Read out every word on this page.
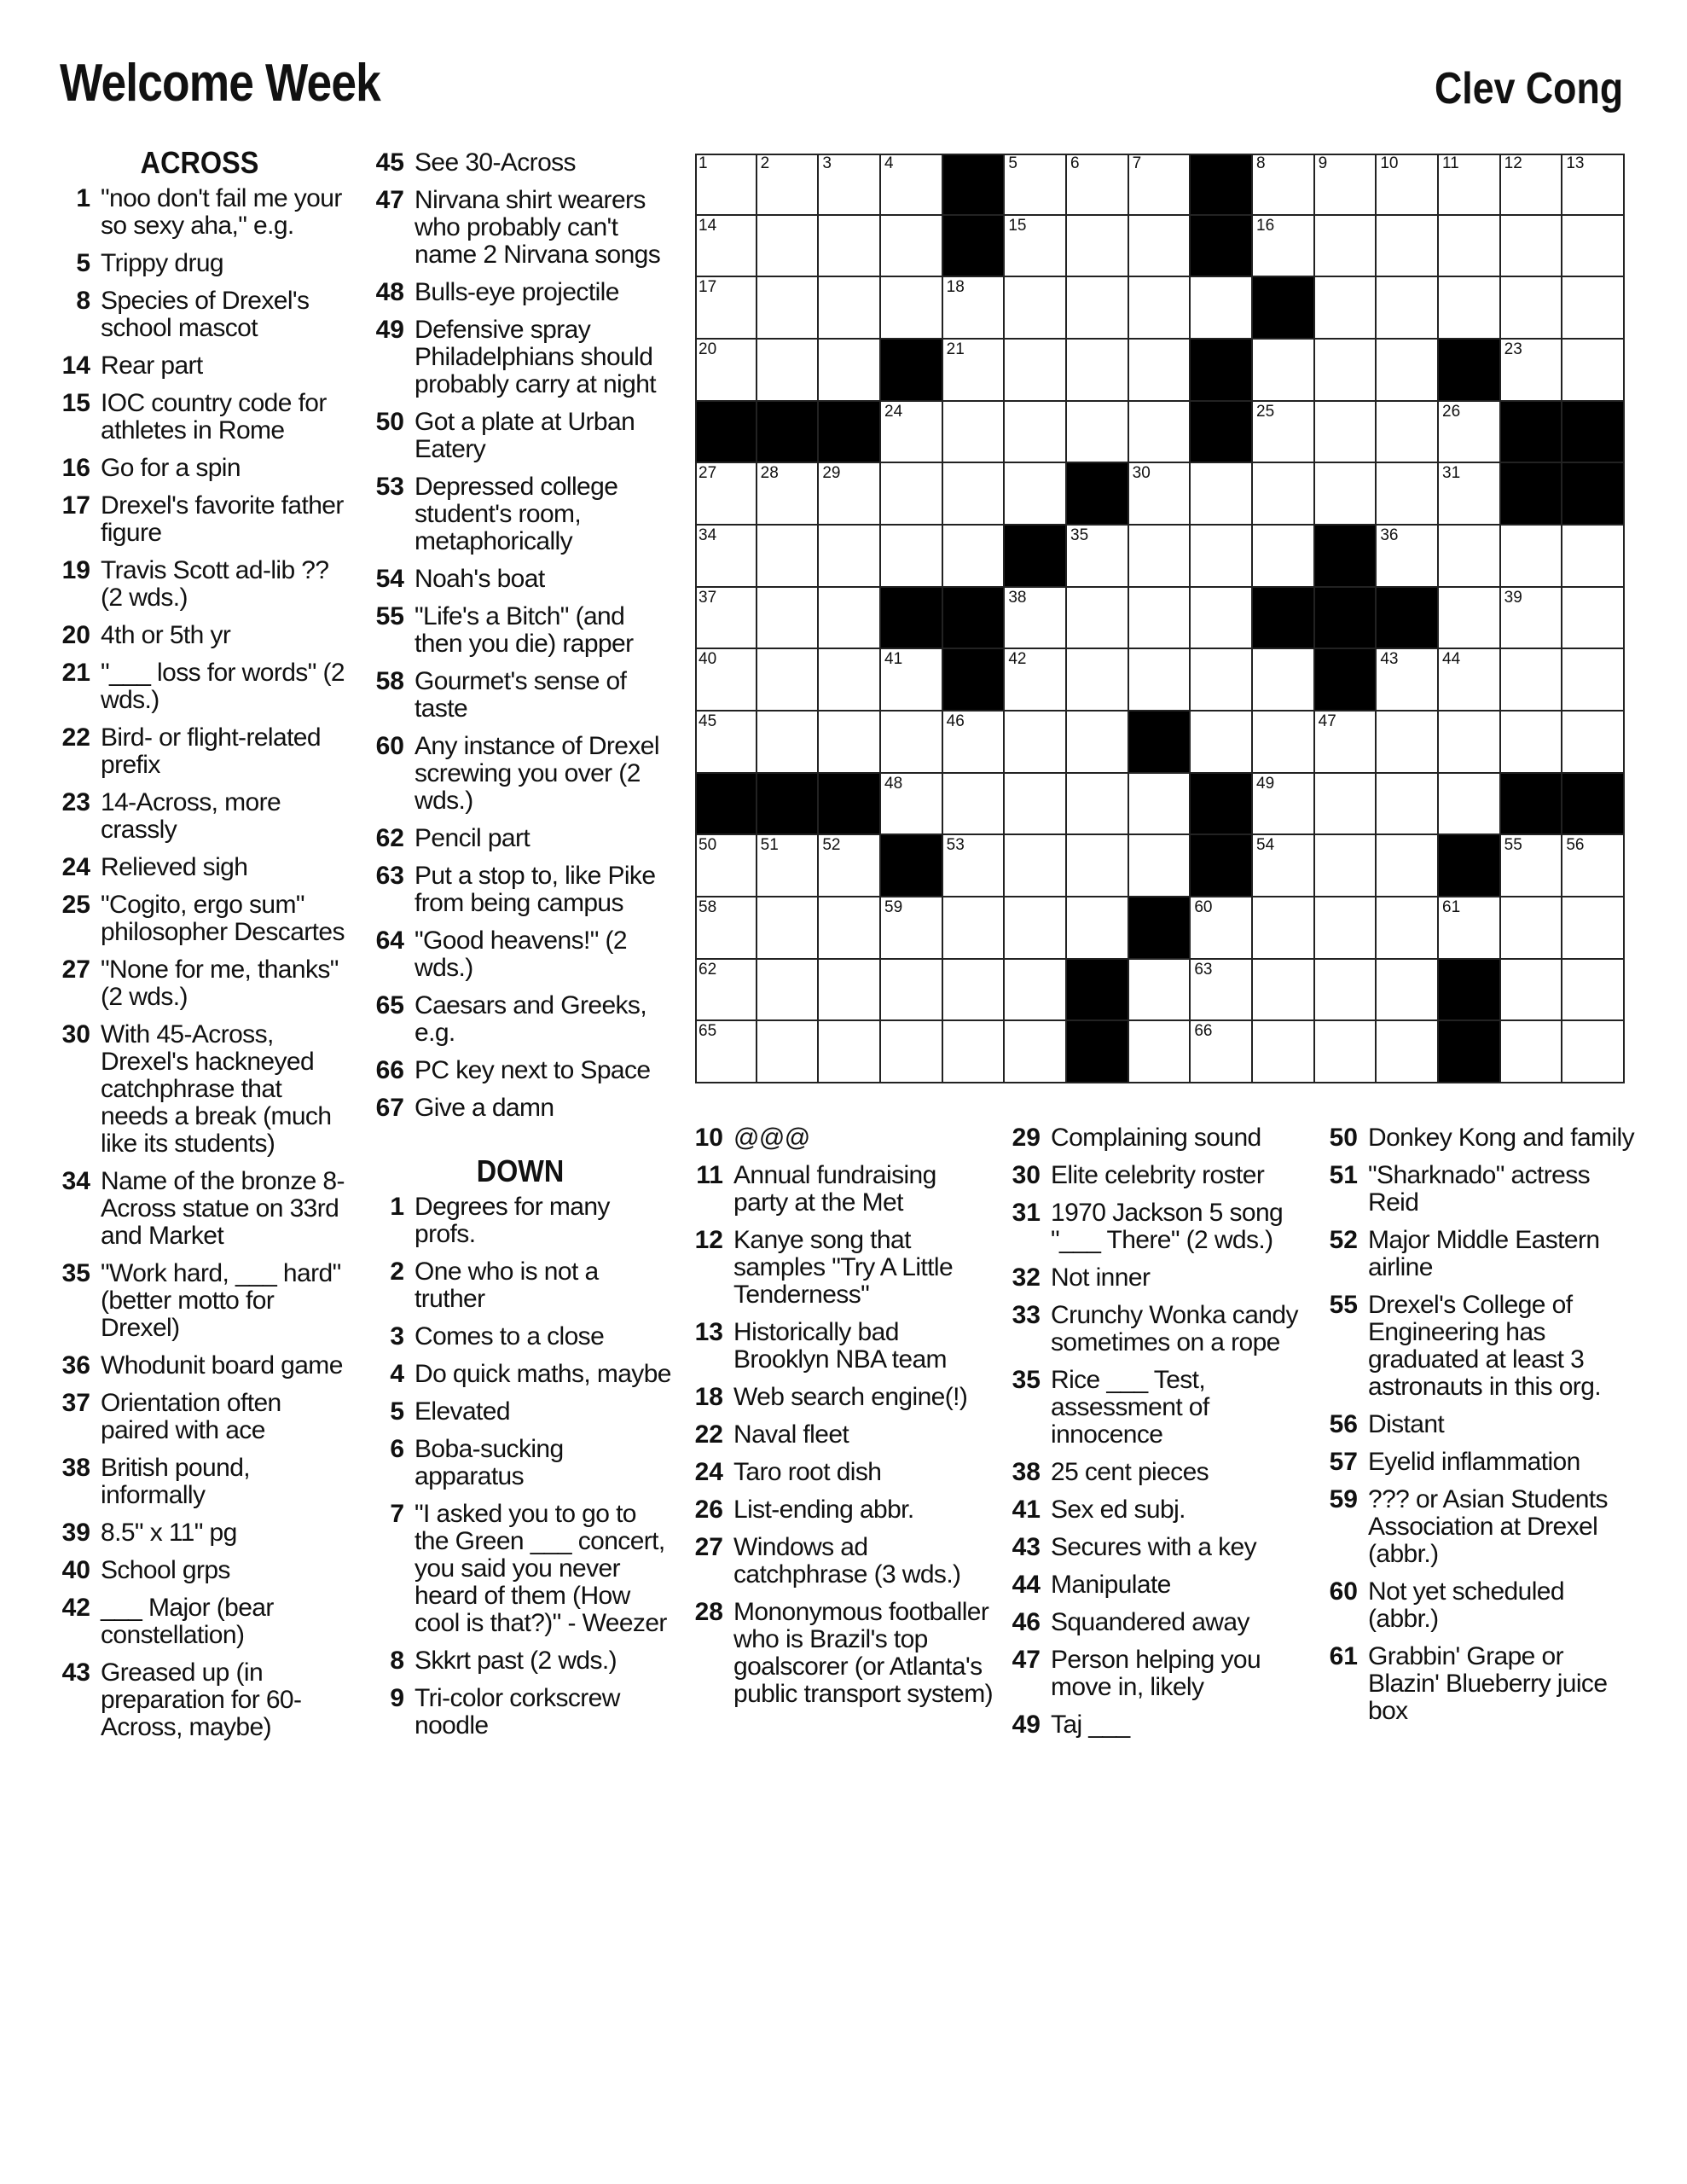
Welcome Week	Clev Cong
ACROSS
1 "noo don't fail me your so sexy aha," e.g.
5 Trippy drug
8 Species of Drexel's school mascot
14 Rear part
15 IOC country code for athletes in Rome
16 Go for a spin
17 Drexel's favorite father figure
19 Travis Scott ad-lib ?? (2 wds.)
20 4th or 5th yr
21 "___ loss for words" (2 wds.)
22 Bird- or flight-related prefix
23 14-Across, more crassly
24 Relieved sigh
25 "Cogito, ergo sum" philosopher Descartes
27 "None for me, thanks" (2 wds.)
30 With 45-Across, Drexel's hackneyed catchphrase that needs a break (much like its students)
34 Name of the bronze 8-Across statue on 33rd and Market
35 "Work hard, ___ hard" (better motto for Drexel)
36 Whodunit board game
37 Orientation often paired with ace
38 British pound, informally
39 8.5" x 11" pg
40 School grps
42 ___ Major (bear constellation)
43 Greased up (in preparation for 60-Across, maybe)
45 See 30-Across
47 Nirvana shirt wearers who probably can't name 2 Nirvana songs
48 Bulls-eye projectile
49 Defensive spray Philadelphians should probably carry at night
50 Got a plate at Urban Eatery
53 Depressed college student's room, metaphorically
54 Noah's boat
55 "Life's a Bitch" (and then you die) rapper
58 Gourmet's sense of taste
60 Any instance of Drexel screwing you over (2 wds.)
62 Pencil part
63 Put a stop to, like Pike from being campus
64 "Good heavens!" (2 wds.)
65 Caesars and Greeks, e.g.
66 PC key next to Space
67 Give a damn
DOWN
1 Degrees for many profs.
2 One who is not a truther
3 Comes to a close
4 Do quick maths, maybe
5 Elevated
6 Boba-sucking apparatus
7 "I asked you to go to the Green ___ concert, you said you never heard of them (How cool is that?)" - Weezer
8 Skkrt past (2 wds.)
9 Tri-color corkscrew noodle
10 @@@
11 Annual fundraising party at the Met
12 Kanye song that samples "Try A Little Tenderness"
13 Historically bad Brooklyn NBA team
18 Web search engine(!)
22 Naval fleet
24 Taro root dish
26 List-ending abbr.
27 Windows ad catchphrase (3 wds.)
28 Mononymous footballer who is Brazil's top goalscorer (or Atlanta's public transport system)
29 Complaining sound
30 Elite celebrity roster
31 1970 Jackson 5 song "___ There" (2 wds.)
32 Not inner
33 Crunchy Wonka candy sometimes on a rope
35 Rice ___ Test, assessment of innocence
38 25 cent pieces
41 Sex ed subj.
43 Secures with a key
44 Manipulate
46 Squandered away
47 Person helping you move in, likely
49 Taj ___
50 Donkey Kong and family
51 "Sharknado" actress Reid
52 Major Middle Eastern airline
55 Drexel's College of Engineering has graduated at least 3 astronauts in this org.
56 Distant
57 Eyelid inflammation
59 ??? or Asian Students Association at Drexel (abbr.)
60 Not yet scheduled (abbr.)
61 Grabbin' Grape or Blazin' Blueberry juice box
1	2	3	4	5	6	7	8	9	10	11	12	13
14	15	16
17	18
20	21	23
24	25	26
27	28	29	30	31
34	35	36
37	38	39
40	41	42	43	44
45	46	47
48	49
50	51	52	53	54	55	56
58	59	60	61
62	63
65	66
